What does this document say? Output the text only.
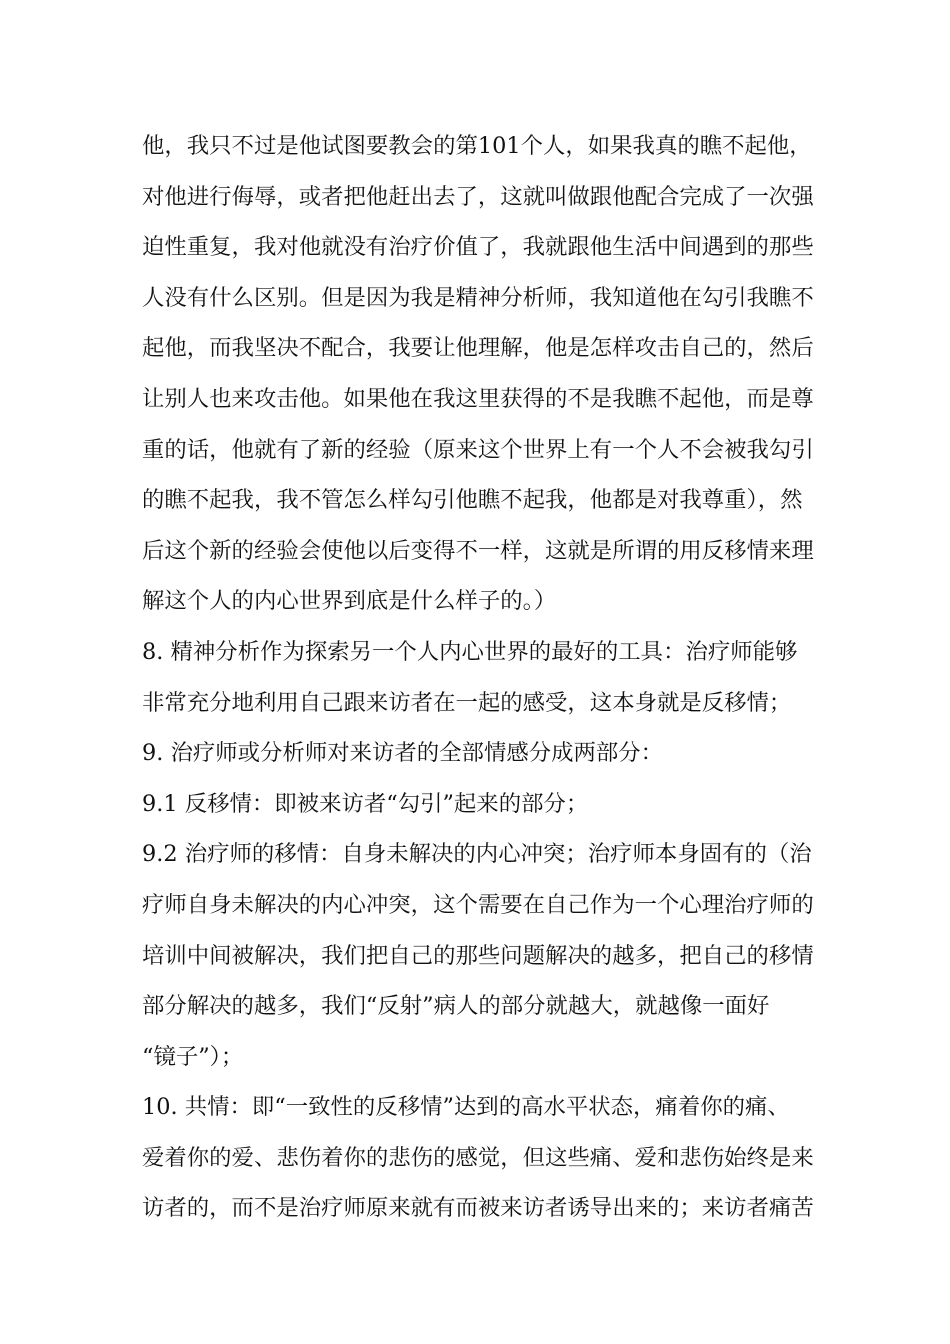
他，我只不过是他试图要教会的第101个人，如果我真的瞧不起他，
对他进行侮辱，或者把他赶出去了，这就叫做跟他配合完成了一次强
迫性重复，我对他就没有治疗价值了，我就跟他生活中间遇到的那些
人没有什么区别。但是因为我是精神分析师，我知道他在勾引我瞧不
起他，而我坚决不配合，我要让他理解，他是怎样攻击自己的，然后
让别人也来攻击他。如果他在我这里获得的不是我瞧不起他，而是尊
重的话，他就有了新的经验（原来这个世界上有一个人不会被我勾引
的瞧不起我，我不管怎么样勾引他瞧不起我，他都是对我尊重），然
后这个新的经验会使他以后变得不一样，这就是所谓的用反移情来理
解这个人的内心世界到底是什么样子的。）
8. 精神分析作为探索另一个人内心世界的最好的工具：治疗师能够
非常充分地利用自己跟来访者在一起的感受，这本身就是反移情；
9. 治疗师或分析师对来访者的全部情感分成两部分：
9.1 反移情：即被来访者“勾引”起来的部分；
9.2 治疗师的移情：自身未解决的内心冲突；治疗师本身固有的（治
疗师自身未解决的内心冲突，这个需要在自己作为一个心理治疗师的
培训中间被解决，我们把自己的那些问题解决的越多，把自己的移情
部分解决的越多，我们“反射”病人的部分就越大，就越像一面好
“镜子”）；
10. 共情：即“一致性的反移情”达到的高水平状态，痛着你的痛、
爱着你的爱、悲伤着你的悲伤的感觉，但这些痛、爱和悲伤始终是来
访者的，而不是治疗师原来就有而被来访者诱导出来的；来访者痛苦
